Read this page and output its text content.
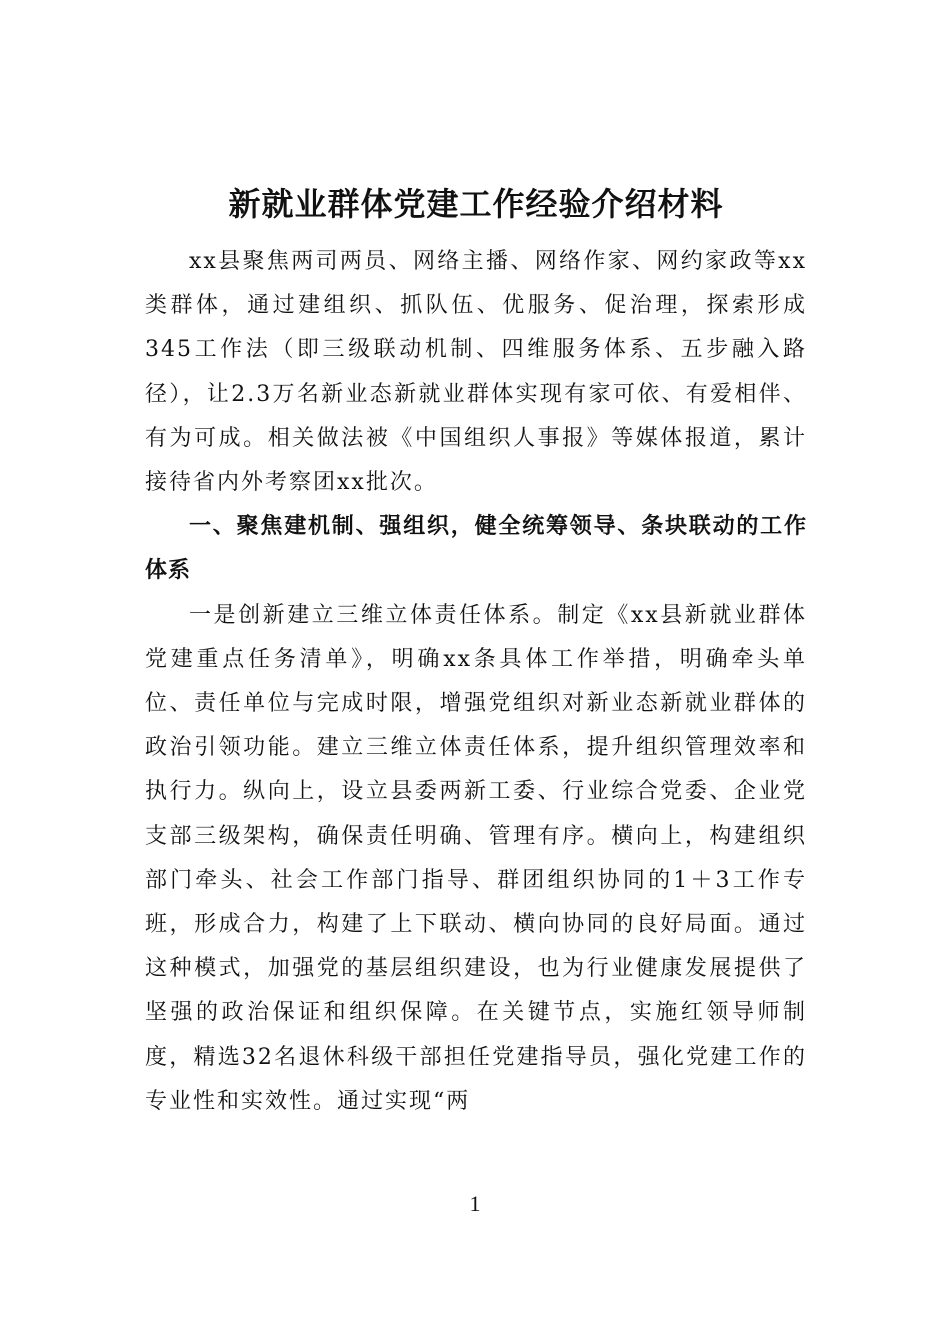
新就业群体党建工作经验介绍材料

xx县聚焦两司两员、网络主播、网络作家、网约家政等xx类群体，通过建组织、抓队伍、优服务、促治理，探索形成345工作法（即三级联动机制、四维服务体系、五步融入路径），让2.3万名新业态新就业群体实现有家可依、有爱相伴、有为可成。相关做法被《中国组织人事报》等媒体报道，累计接待省内外考察团xx批次。

一、聚焦建机制、强组织，健全统筹领导、条块联动的工作体系

一是创新建立三维立体责任体系。制定《xx县新就业群体党建重点任务清单》，明确xx条具体工作举措，明确牵头单位、责任单位与完成时限，增强党组织对新业态新就业群体的政治引领功能。建立三维立体责任体系，提升组织管理效率和执行力。纵向上，设立县委两新工委、行业综合党委、企业党支部三级架构，确保责任明确、管理有序。横向上，构建组织部门牵头、社会工作部门指导、群团组织协同的1＋3工作专班，形成合力，构建了上下联动、横向协同的良好局面。通过这种模式，加强党的基层组织建设，也为行业健康发展提供了坚强的政治保证和组织保障。在关键节点，实施红领导师制度，精选32名退休科级干部担任党建指导员，强化党建工作的专业性和实效性。通过实现“两

1
